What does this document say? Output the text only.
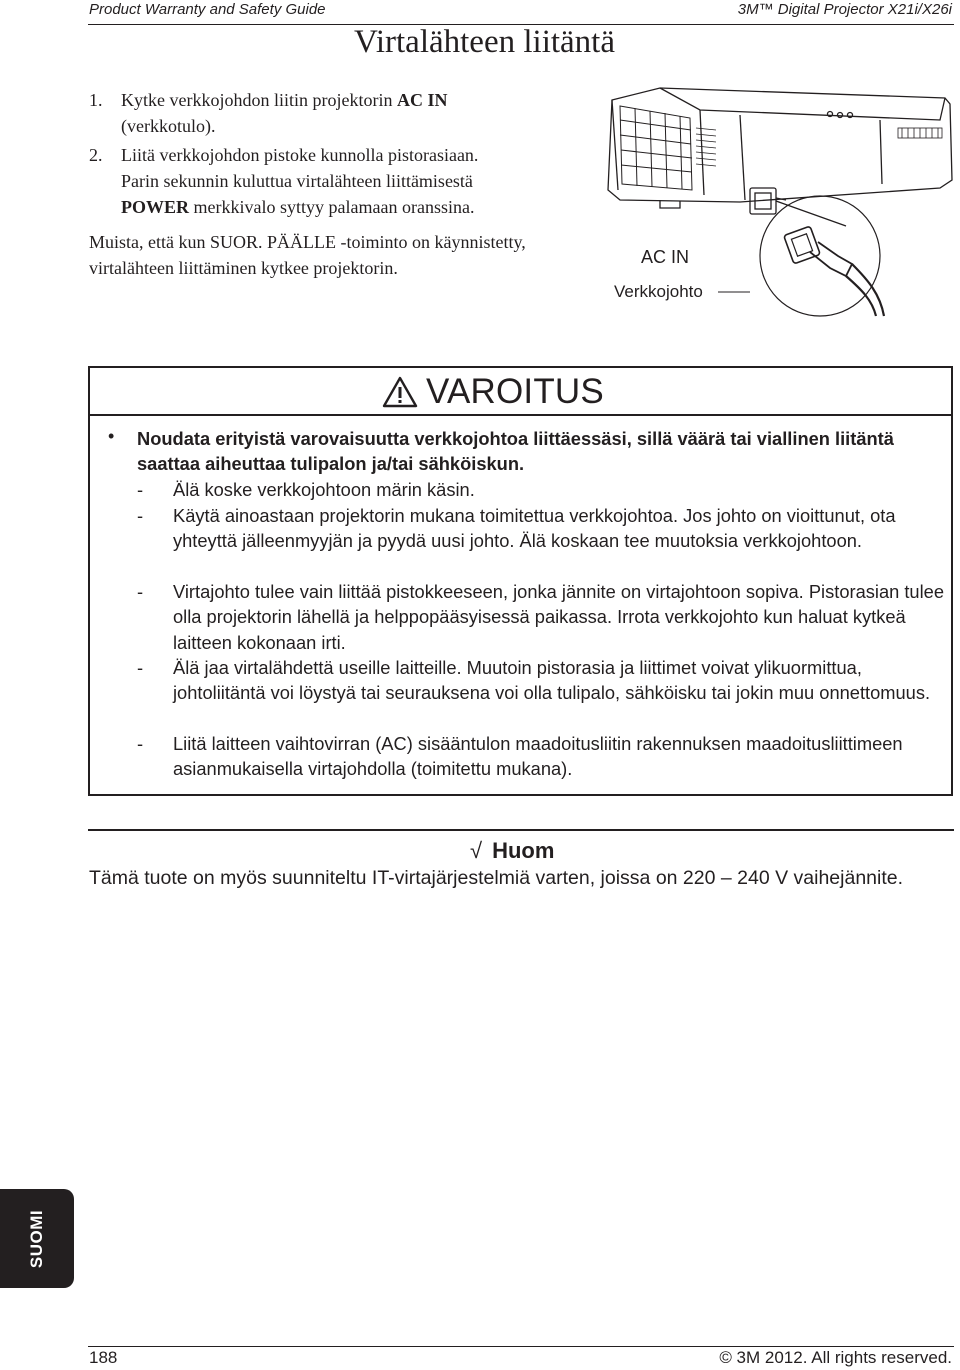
Product Warranty and Safety Guide	3M™ Digital Projector X21i/X26i
Virtalähteen liitäntä
1. Kytke verkkojohdon liitin projektorin AC IN
(verkkotulo).
2. Liitä verkkojohdon pistoke kunnolla pistorasiaan.
Parin sekunnin kuluttua virtalähteen liittämisestä
POWER merkkivalo syttyy palamaan oranssina.
Muista, että kun SUOR. PÄÄLLE -toiminto on käynnistetty, virtalähteen liittäminen kytkee projektorin.
AC IN
Verkkojohto
VAROITUS
• Noudata erityistä varovaisuutta verkkojohtoa liittäessäsi, sillä väärä tai viallinen liitäntä saattaa aiheuttaa tulipalon ja/tai sähköiskun.
- Älä koske verkkojohtoon märin käsin.
- Käytä ainoastaan projektorin mukana toimitettua verkkojohtoa. Jos johto on vioittunut, ota yhteyttä jälleenmyyjän ja pyydä uusi johto. Älä koskaan tee muutoksia verkkojohtoon.
- Virtajohto tulee vain liittää pistokkeeseen, jonka jännite on virtajohtoon sopiva. Pistorasian tulee olla projektorin lähellä ja helppopääsyisessä paikassa. Irrota verkkojohto kun haluat kytkeä laitteen kokonaan irti.
- Älä jaa virtalähdettä useille laitteille. Muutoin pistorasia ja liittimet voivat ylikuormittua, johtoliitäntä voi löystyä tai seurauksena voi olla tulipalo, sähköisku tai jokin muu onnettomuus.
- Liitä laitteen vaihtovirran (AC) sisääntulon maadoitusliitin rakennuksen maadoitusliittimeen asianmukaisella virtajohdolla (toimitettu mukana).
√ Huom
Tämä tuote on myös suunniteltu IT-virtajärjestelmiä varten, joissa on 220 – 240 V vaihejännite.
SUOMI
188	© 3M 2012. All rights reserved.
